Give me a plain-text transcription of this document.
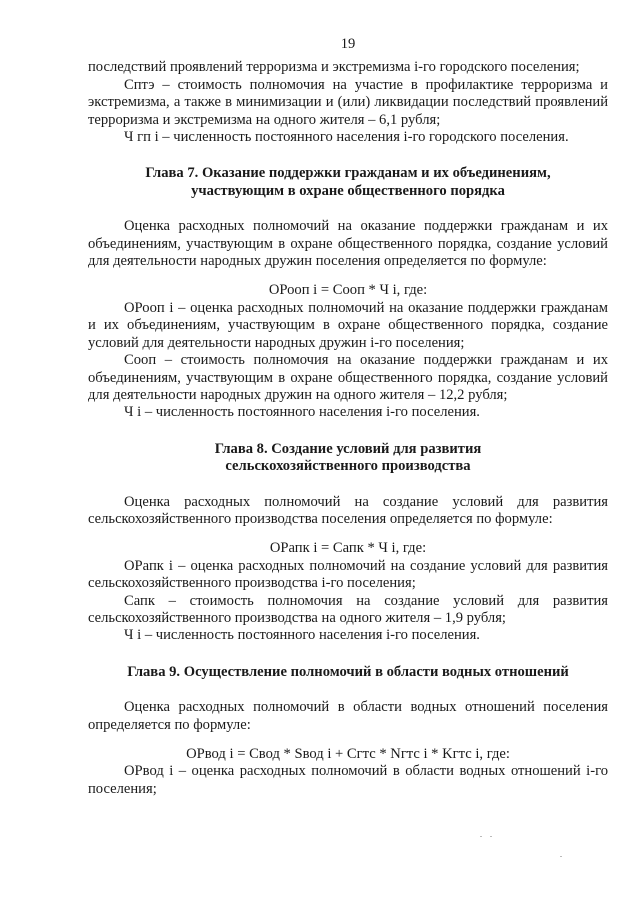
19

последствий проявлений терроризма и экстремизма i-го городского поселения;

Cптэ – стоимость полномочия на участие в профилактике терроризма и экстремизма, а также в минимизации и (или) ликвидации последствий проявлений терроризма и экстремизма на одного жителя – 6,1 рубля;

Ч гп i – численность постоянного населения i-го городского поселения.

Глава 7. Оказание поддержки гражданам и их объединениям,
участвующим в охране общественного порядка

Оценка расходных полномочий на оказание поддержки гражданам и их объединениям, участвующим в охране общественного порядка, создание условий для деятельности народных дружин поселения определяется по формуле:

ОРооп i = Cооп * Ч i, где:

ОРооп i – оценка расходных полномочий на оказание поддержки гражданам и их объединениям, участвующим в охране общественного порядка, создание условий для деятельности народных дружин i-го поселения;

Cооп – стоимость полномочия на оказание поддержки гражданам и их объединениям, участвующим в охране общественного порядка, создание условий для деятельности народных дружин на одного жителя – 12,2 рубля;

Ч i – численность постоянного населения i-го поселения.

Глава 8. Создание условий для развития
сельскохозяйственного производства

Оценка расходных полномочий на создание условий для развития сельскохозяйственного производства поселения определяется по формуле:

ОРапк i = Cапк * Ч i, где:

ОРапк i – оценка расходных полномочий на создание условий для развития сельскохозяйственного производства i-го поселения;

Cапк – стоимость полномочия на создание условий для развития сельскохозяйственного производства на одного жителя – 1,9 рубля;

Ч i – численность постоянного населения i-го поселения.

Глава 9. Осуществление полномочий в области водных отношений

Оценка расходных полномочий в области водных отношений поселения определяется по формуле:

ОРвод i = Cвод * Sвод i + Cгтс * Nгтс i * Kгтс i, где:

ОРвод i – оценка расходных полномочий в области водных отношений i-го поселения;
